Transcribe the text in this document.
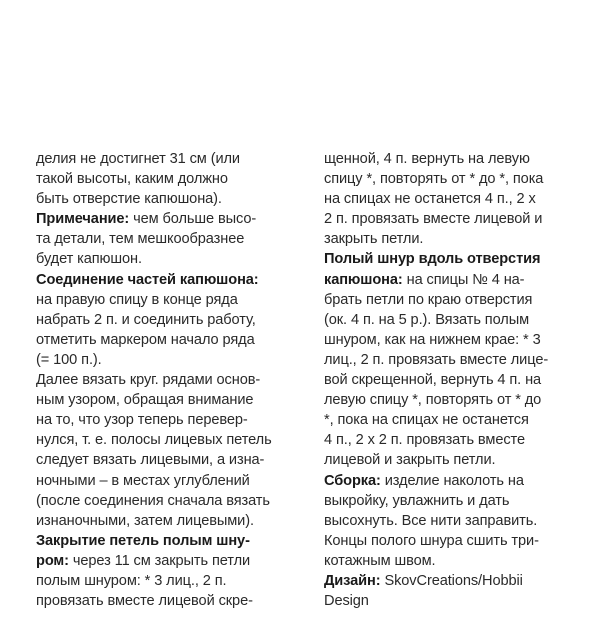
делия не достигнет 31 см (или
такой высоты, каким должно
быть отверстие капюшона).
Примечание: чем больше высо-
та детали, тем мешкообразнее
будет капюшон.
Соединение частей капюшона:
на правую спицу в конце ряда
набрать 2 п. и соединить работу,
отметить маркером начало ряда
(= 100 п.).
Далее вязать круг. рядами основ-
ным узором, обращая внимание
на то, что узор теперь перевер-
нулся, т. е. полосы лицевых петель
следует вязать лицевыми, а изна-
ночными – в местах углублений
(после соединения сначала вязать
изнаночными, затем лицевыми).
Закрытие петель полым шну-
ром: через 11 см закрыть петли
полым шнуром: * 3 лиц., 2 п.
провязать вместе лицевой скре-
щенной, 4 п. вернуть на левую
спицу *, повторять от * до *, пока
на спицах не останется 4 п., 2 х
2 п. провязать вместе лицевой и
закрыть петли.
Полый шнур вдоль отверстия
капюшона: на спицы № 4 на-
брать петли по краю отверстия
(ок. 4 п. на 5 р.). Вязать полым
шнуром, как на нижнем крае: * 3
лиц., 2 п. провязать вместе лице-
вой скрещенной, вернуть 4 п. на
левую спицу *, повторять от * до
*, пока на спицах не останется
4 п., 2 х 2 п. провязать вместе
лицевой и закрыть петли.
Сборка: изделие наколоть на
выкройку, увлажнить и дать
высохнуть. Все нити заправить.
Концы полого шнура сшить три-
котажным швом.
Дизайн: SkovCreations/Hobbii
Design
